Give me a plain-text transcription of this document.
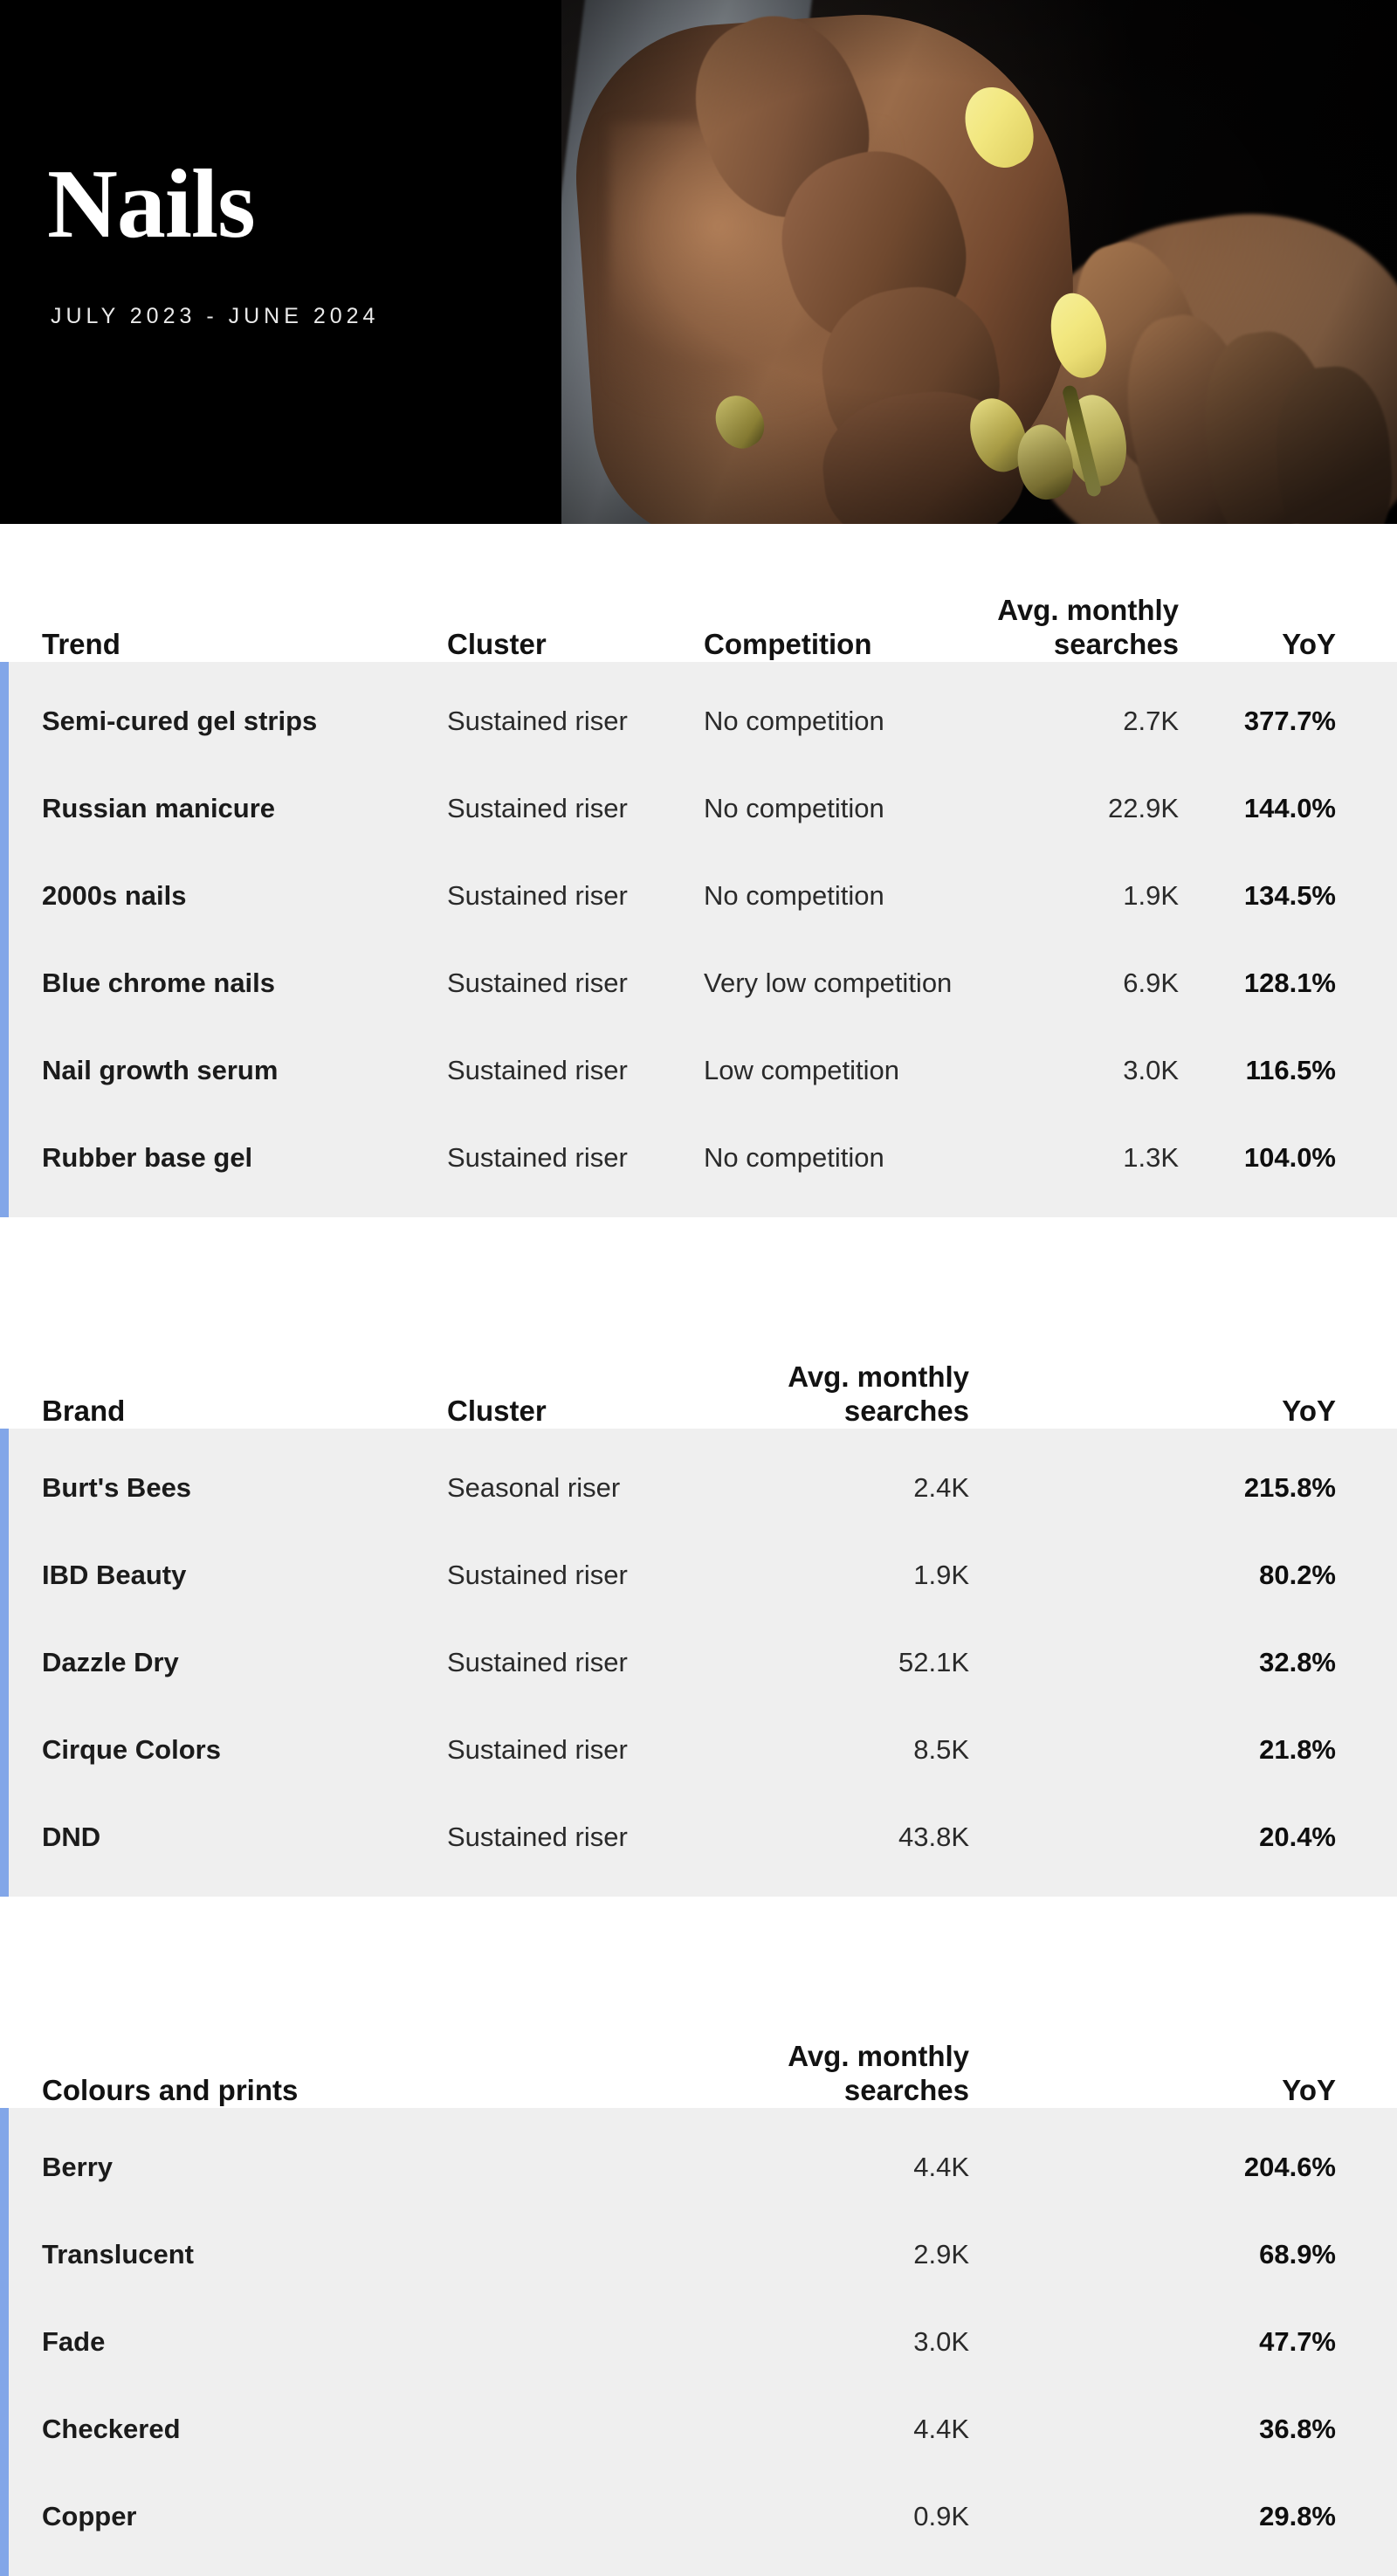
Nails
JULY 2023 - JUNE 2024
Trend	Cluster	Competition
Avg. monthly
searches	YoY
Semi-cured gel strips	Sustained riser	No competition	2.7K	377.7%
Russian manicure	Sustained riser	No competition	22.9K	144.0%
2000s nails	Sustained riser	No competition	1.9K	134.5%
Blue chrome nails	Sustained riser	Very low competition	6.9K	128.1%
Nail growth serum	Sustained riser	Low competition	3.0K	116.5%
Rubber base gel	Sustained riser	No competition	1.3K	104.0%
Brand	Cluster
Avg. monthly
searches	YoY
Burt's Bees	Seasonal riser	2.4K	215.8%
IBD Beauty	Sustained riser	1.9K	80.2%
Dazzle Dry	Sustained riser	52.1K	32.8%
Cirque Colors	Sustained riser	8.5K	21.8%
DND	Sustained riser	43.8K	20.4%
Colours and prints
Avg. monthly
searches	YoY
Berry	4.4K	204.6%
Translucent	2.9K	68.9%
Fade	3.0K	47.7%
Checkered	4.4K	36.8%
Copper	0.9K	29.8%
